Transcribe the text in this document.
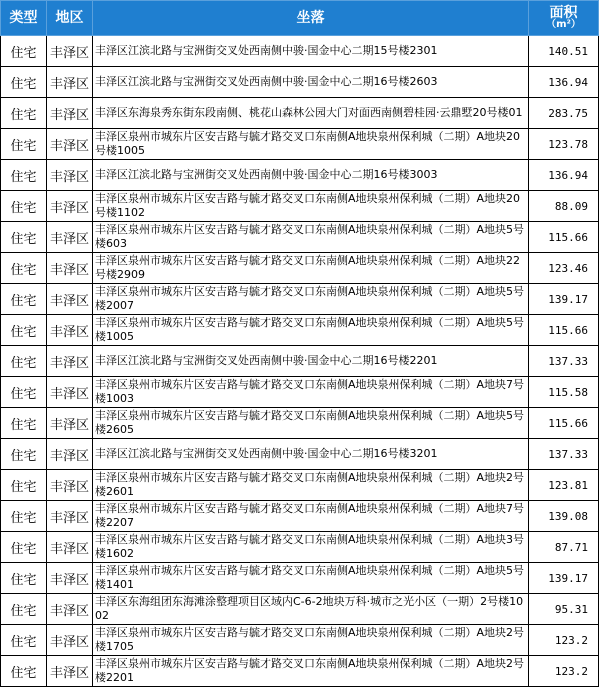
类型	地区	坐落	面积
（m²）

住宅	丰泽区	丰泽区江滨北路与宝洲街交叉处西南侧中骏·国金中心二期15号楼2301	140.51
住宅	丰泽区	丰泽区江滨北路与宝洲街交叉处西南侧中骏·国金中心二期16号楼2603	136.94
住宅	丰泽区	丰泽区东海泉秀东街东段南侧、桃花山森林公园大门对面西南侧碧桂园·云鼎墅20号楼01	283.75
住宅	丰泽区	丰泽区泉州市城东片区安吉路与毓才路交叉口东南侧A地块泉州保利城（二期）A地块20号楼1005	123.78
住宅	丰泽区	丰泽区江滨北路与宝洲街交叉处西南侧中骏·国金中心二期16号楼3003	136.94
住宅	丰泽区	丰泽区泉州市城东片区安吉路与毓才路交叉口东南侧A地块泉州保利城（二期）A地块20号楼1102	88.09
住宅	丰泽区	丰泽区泉州市城东片区安吉路与毓才路交叉口东南侧A地块泉州保利城（二期）A地块5号楼603	115.66
住宅	丰泽区	丰泽区泉州市城东片区安吉路与毓才路交叉口东南侧A地块泉州保利城（二期）A地块22号楼2909	123.46
住宅	丰泽区	丰泽区泉州市城东片区安吉路与毓才路交叉口东南侧A地块泉州保利城（二期）A地块5号楼2007	139.17
住宅	丰泽区	丰泽区泉州市城东片区安吉路与毓才路交叉口东南侧A地块泉州保利城（二期）A地块5号楼1005	115.66
住宅	丰泽区	丰泽区江滨北路与宝洲街交叉处西南侧中骏·国金中心二期16号楼2201	137.33
住宅	丰泽区	丰泽区泉州市城东片区安吉路与毓才路交叉口东南侧A地块泉州保利城（二期）A地块7号楼1003	115.58
住宅	丰泽区	丰泽区泉州市城东片区安吉路与毓才路交叉口东南侧A地块泉州保利城（二期）A地块5号楼2605	115.66
住宅	丰泽区	丰泽区江滨北路与宝洲街交叉处西南侧中骏·国金中心二期16号楼3201	137.33
住宅	丰泽区	丰泽区泉州市城东片区安吉路与毓才路交叉口东南侧A地块泉州保利城（二期）A地块2号楼2601	123.81
住宅	丰泽区	丰泽区泉州市城东片区安吉路与毓才路交叉口东南侧A地块泉州保利城（二期）A地块7号楼2207	139.08
住宅	丰泽区	丰泽区泉州市城东片区安吉路与毓才路交叉口东南侧A地块泉州保利城（二期）A地块3号楼1602	87.71
住宅	丰泽区	丰泽区泉州市城东片区安吉路与毓才路交叉口东南侧A地块泉州保利城（二期）A地块5号楼1401	139.17
住宅	丰泽区	丰泽区东海组团东海滩涂整理项目区域内C-6-2地块万科·城市之光小区（一期）2号楼1002	95.31
住宅	丰泽区	丰泽区泉州市城东片区安吉路与毓才路交叉口东南侧A地块泉州保利城（二期）A地块2号楼1705	123.2
住宅	丰泽区	丰泽区泉州市城东片区安吉路与毓才路交叉口东南侧A地块泉州保利城（二期）A地块2号楼2201	123.2
